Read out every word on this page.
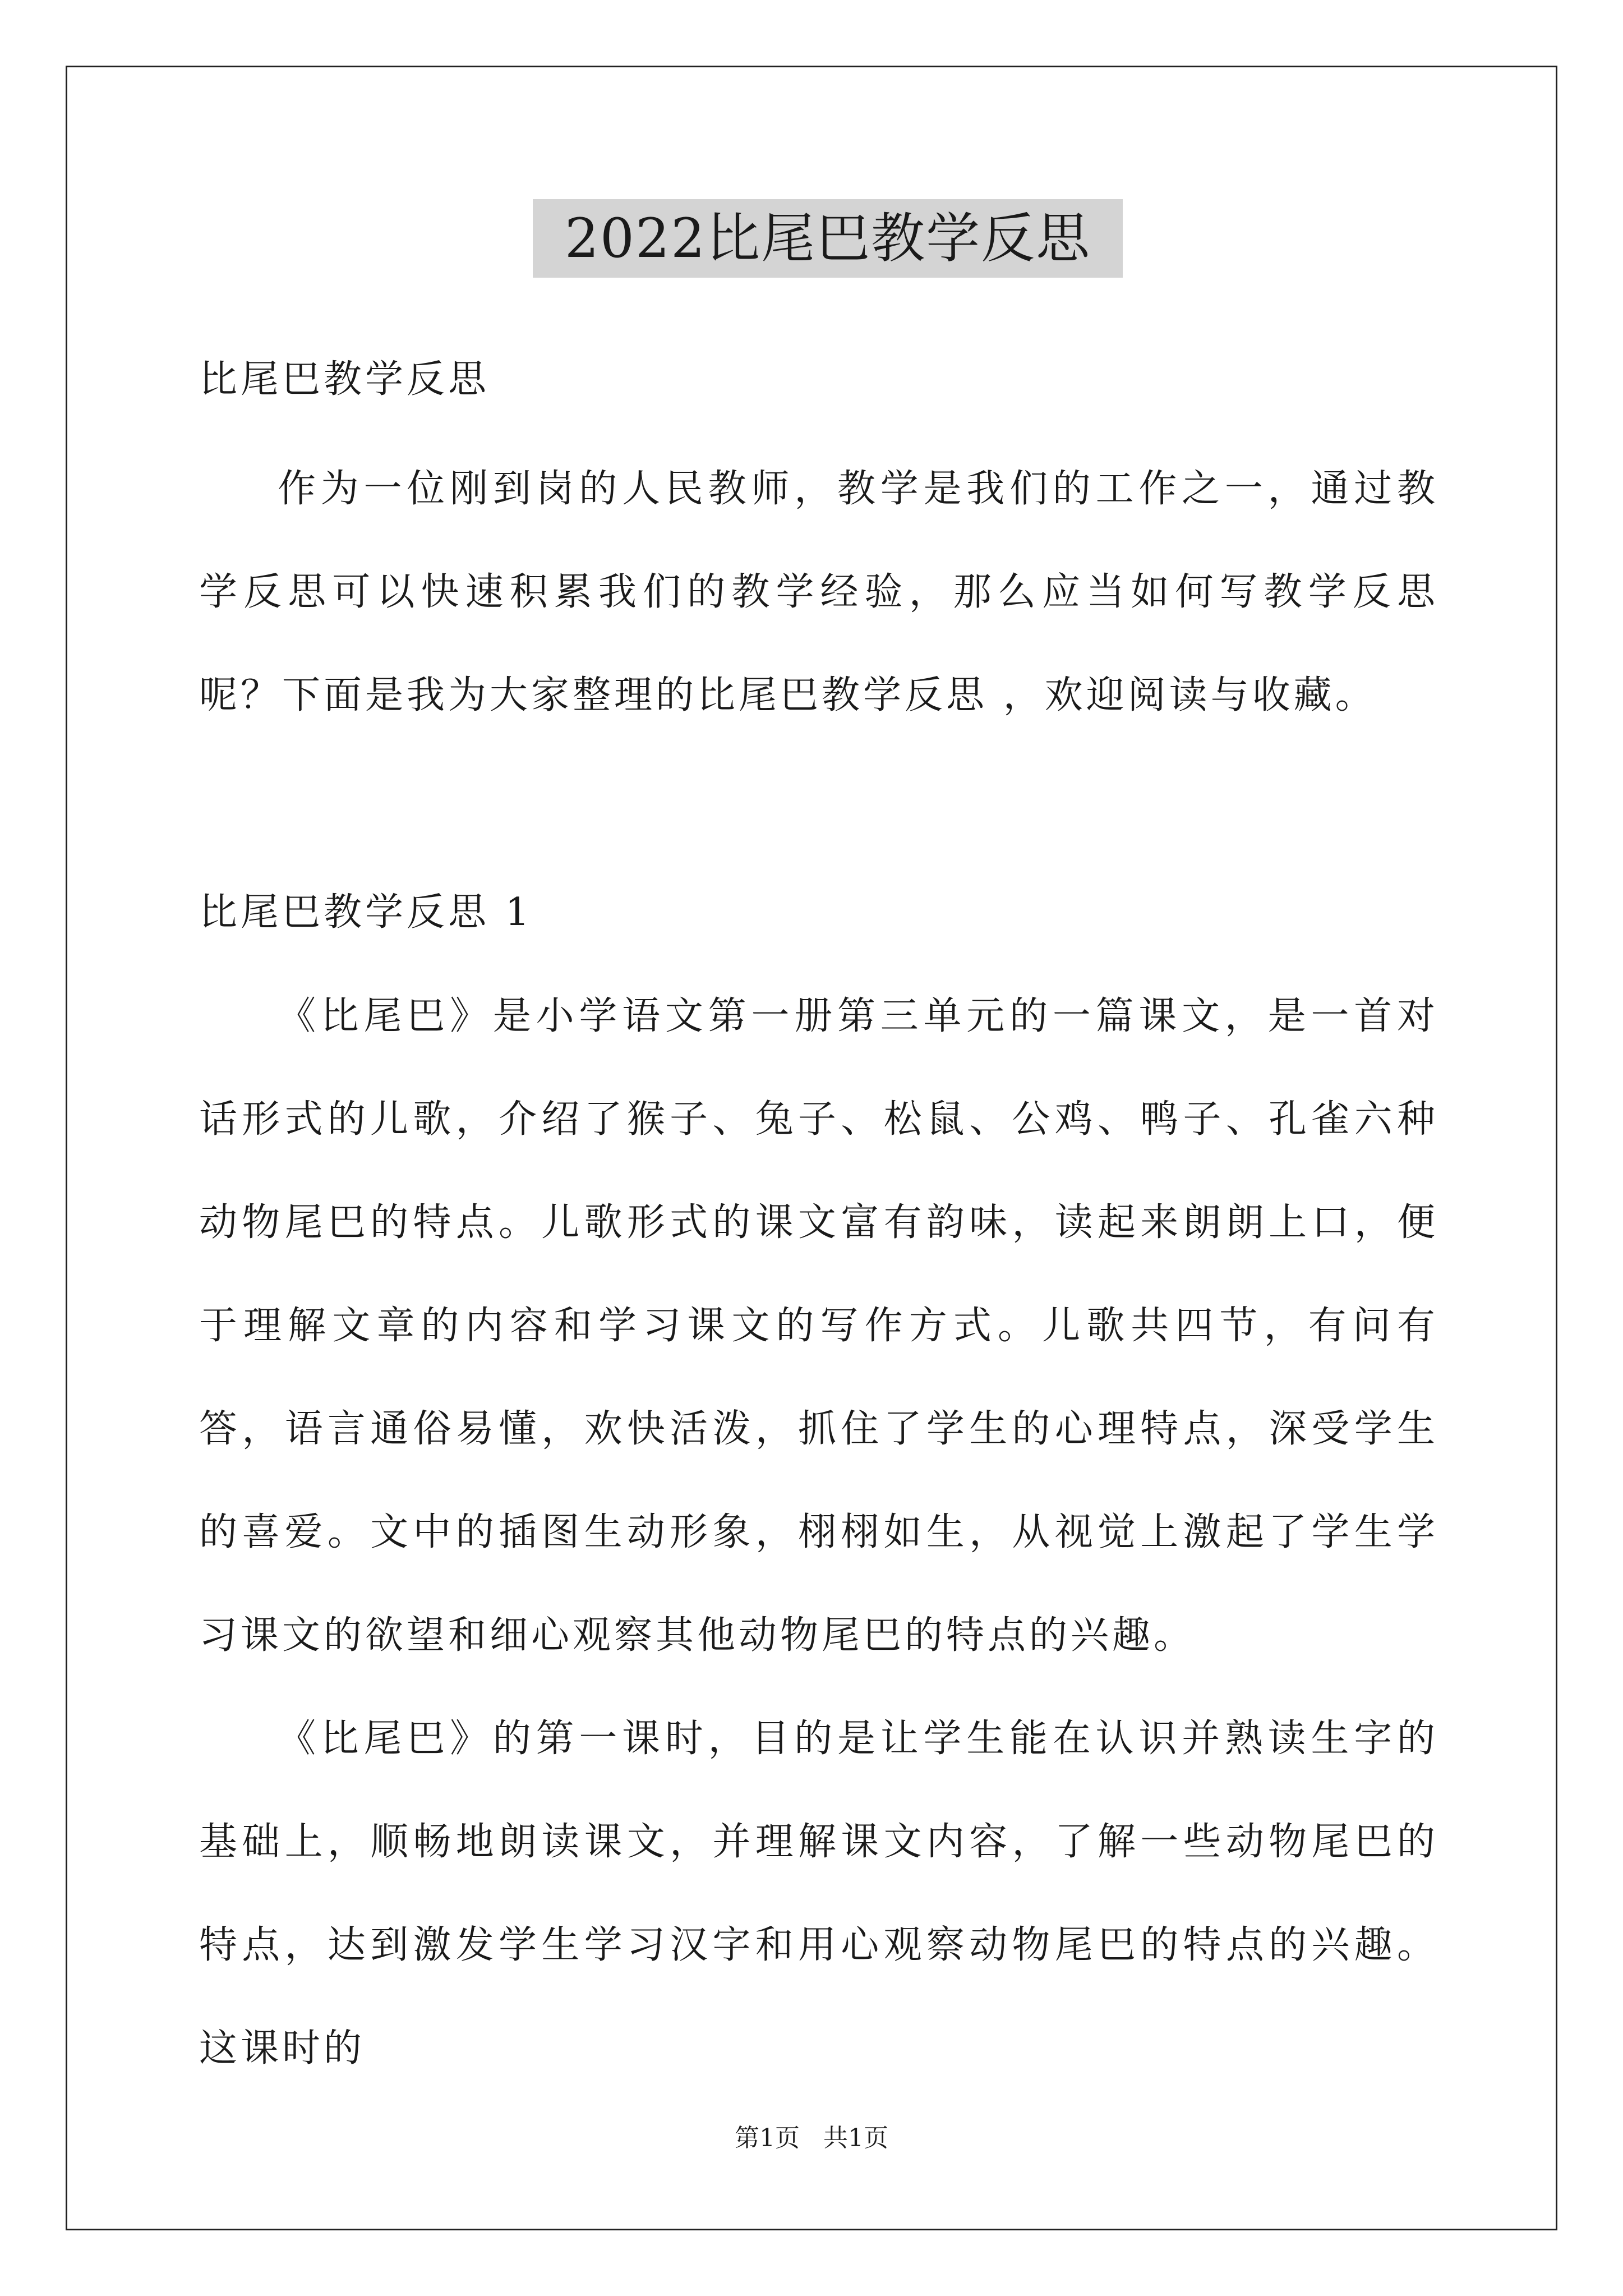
2022比尾巴教学反思

比尾巴教学反思

作为一位刚到岗的人民教师，教学是我们的工作之一，通过教学反思可以快速积累我们的教学经验，那么应当如何写教学反思呢？下面是我为大家整理的比尾巴教学反思 ，欢迎阅读与收藏。

比尾巴教学反思 1

《比尾巴》是小学语文第一册第三单元的一篇课文，是一首对话形式的儿歌，介绍了猴子、兔子、松鼠、公鸡、鸭子、孔雀六种动物尾巴的特点。儿歌形式的课文富有韵味，读起来朗朗上口，便于理解文章的内容和学习课文的写作方式。儿歌共四节，有问有答，语言通俗易懂，欢快活泼，抓住了学生的心理特点，深受学生的喜爱。文中的插图生动形象，栩栩如生，从视觉上激起了学生学习课文的欲望和细心观察其他动物尾巴的特点的兴趣。

《比尾巴》的第一课时，目的是让学生能在认识并熟读生字的基础上，顺畅地朗读课文，并理解课文内容，了解一些动物尾巴的特点，达到激发学生学习汉字和用心观察动物尾巴的特点的兴趣。这课时的

第1页   共1页
